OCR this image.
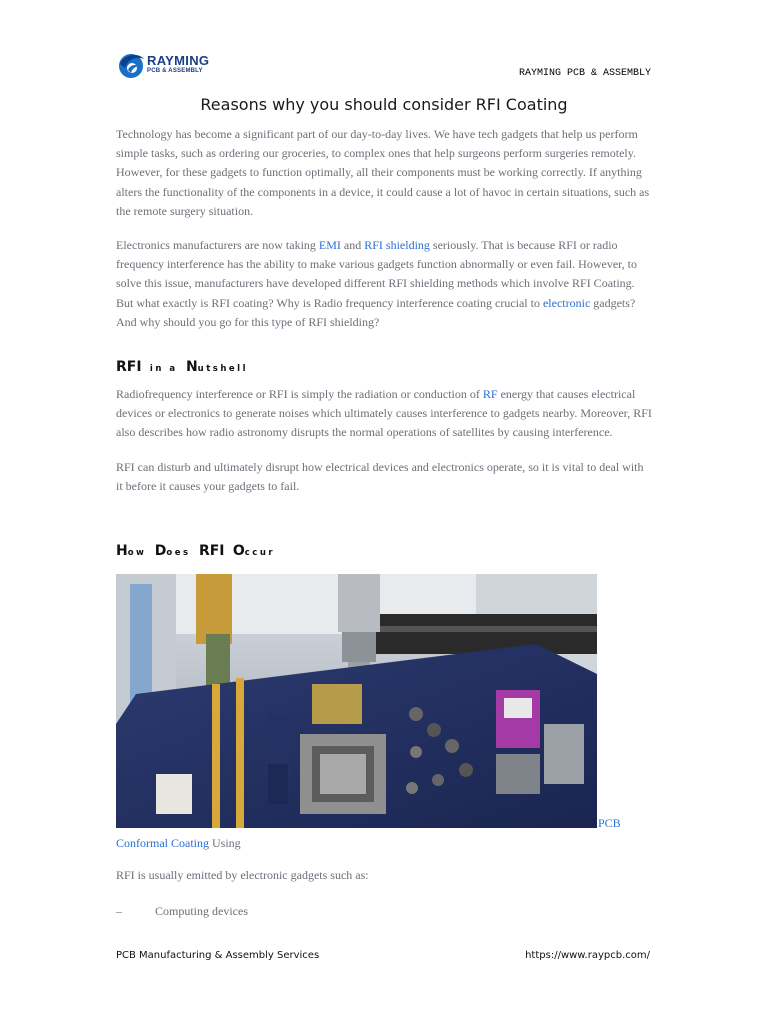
RAYMING
PCB & ASSEMBLY	RAYMING PCB & ASSEMBLY
Reasons why you should consider RFI Coating

Technology has become a significant part of our day-to-day lives. We have tech gadgets that help us perform simple tasks, such as ordering our groceries, to complex ones that help surgeons perform surgeries remotely. However, for these gadgets to function optimally, all their components must be working correctly. If anything alters the functionality of the components in a device, it could cause a lot of havoc in certain situations, such as the remote surgery situation.

Electronics manufacturers are now taking EMI and RFI shielding seriously. That is because RFI or radio frequency interference has the ability to make various gadgets function abnormally or even fail. However, to solve this issue, manufacturers have developed different RFI shielding methods which involve RFI Coating. But what exactly is RFI coating? Why is Radio frequency interference coating crucial to electronic gadgets? And why should you go for this type of RFI shielding?

RFI in a Nutshell

Radiofrequency interference or RFI is simply the radiation or conduction of RF energy that causes electrical devices or electronics to generate noises which ultimately causes interference to gadgets nearby. Moreover, RFI also describes how radio astronomy disrupts the normal operations of satellites by causing interference.

RFI can disturb and ultimately disrupt how electrical devices and electronics operate, so it is vital to deal with it before it causes your gadgets to fail.

How Does RFI Occur
PCB
Conformal Coating Using

RFI is usually emitted by electronic gadgets such as:

–	Computing devices
PCB Manufacturing & Assembly Services	https://www.raypcb.com/
